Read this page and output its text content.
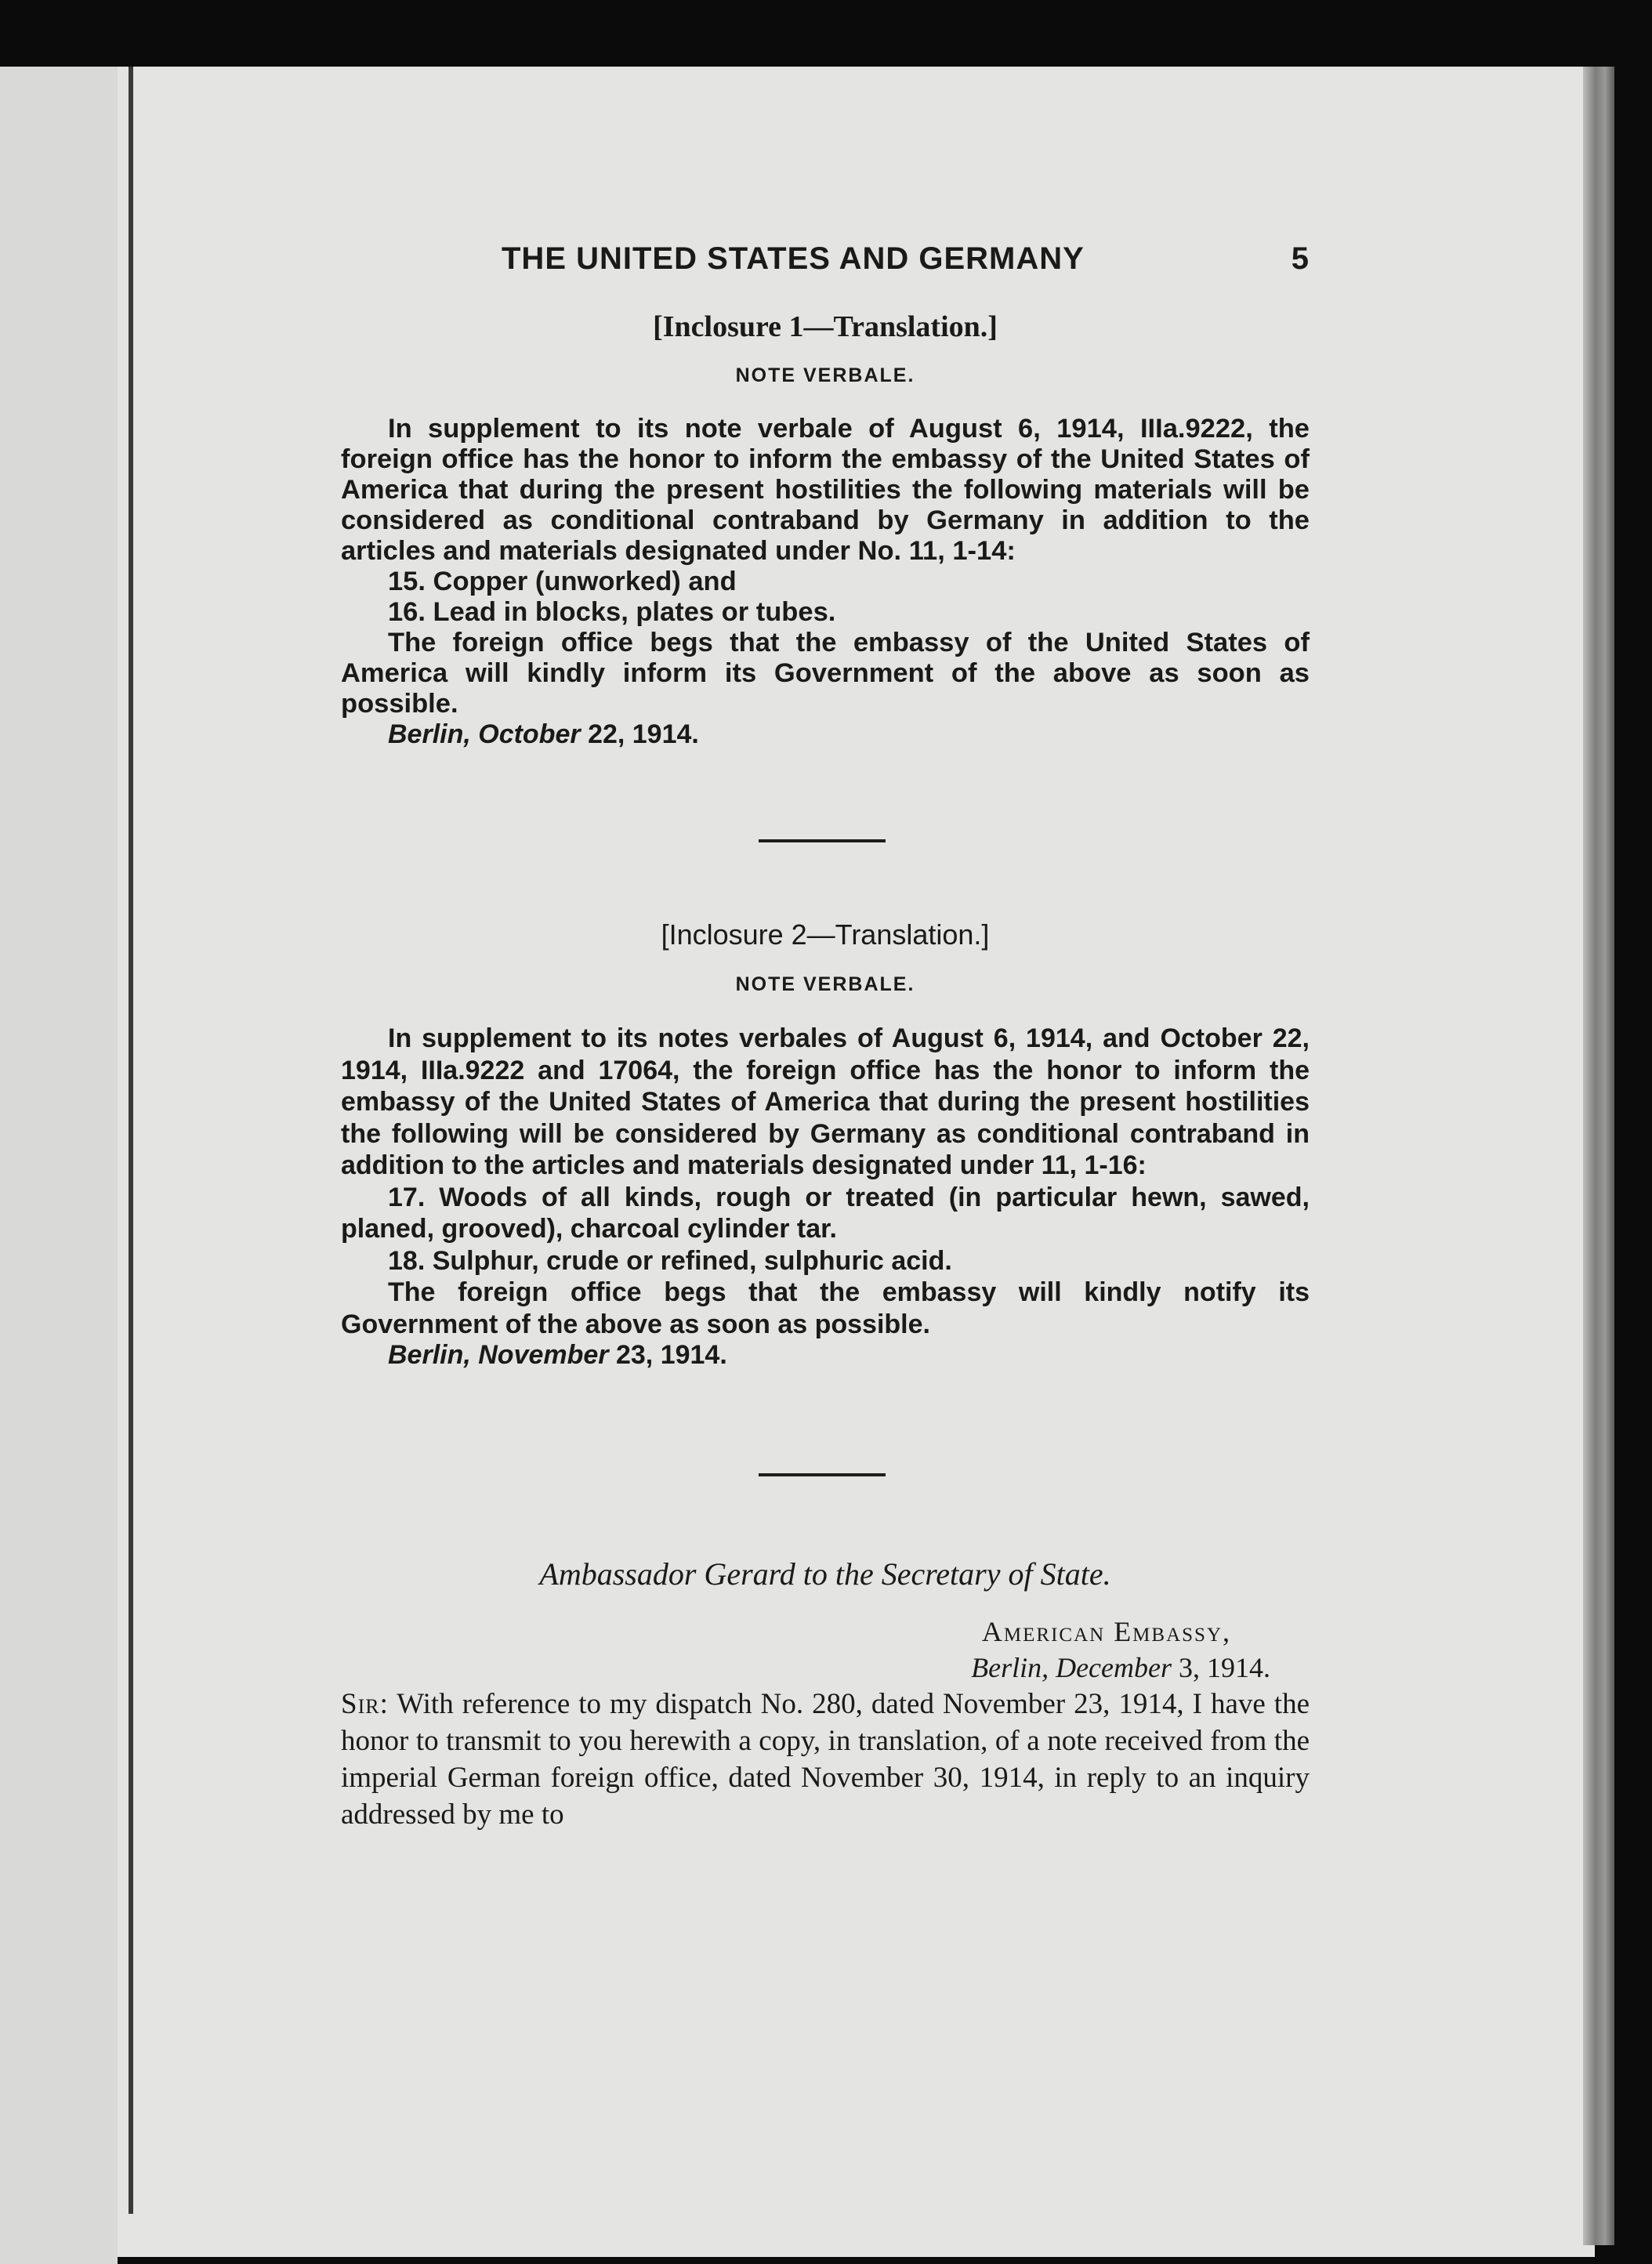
THE UNITED STATES AND GERMANY	5
[Inclosure 1—Translation.]
NOTE VERBALE.

In supplement to its note verbale of August 6, 1914, IIIa.9222, the foreign office has the honor to inform the embassy of the United States of America that during the present hostilities the following materials will be considered as conditional contraband by Germany in addition to the articles and materials designated under No. 11, 1-14:

15. Copper (unworked) and

16. Lead in blocks, plates or tubes.

The foreign office begs that the embassy of the United States of America will kindly inform its Government of the above as soon as possible.

Berlin, October 22, 1914.

[Inclosure 2—Translation.]
NOTE VERBALE.

In supplement to its notes verbales of August 6, 1914, and October 22, 1914, IIIa.9222 and 17064, the foreign office has the honor to inform the embassy of the United States of America that during the present hostilities the following will be considered by Germany as conditional contraband in addition to the articles and materials designated under 11, 1-16:

17. Woods of all kinds, rough or treated (in particular hewn, sawed, planed, grooved), charcoal cylinder tar.

18. Sulphur, crude or refined, sulphuric acid.

The foreign office begs that the embassy will kindly notify its Government of the above as soon as possible.

Berlin, November 23, 1914.

Ambassador Gerard to the Secretary of State.

American Embassy,

Berlin, December 3, 1914.

Sir: With reference to my dispatch No. 280, dated November 23, 1914, I have the honor to transmit to you herewith a copy, in translation, of a note received from the imperial German foreign office, dated November 30, 1914, in reply to an inquiry addressed by me to
